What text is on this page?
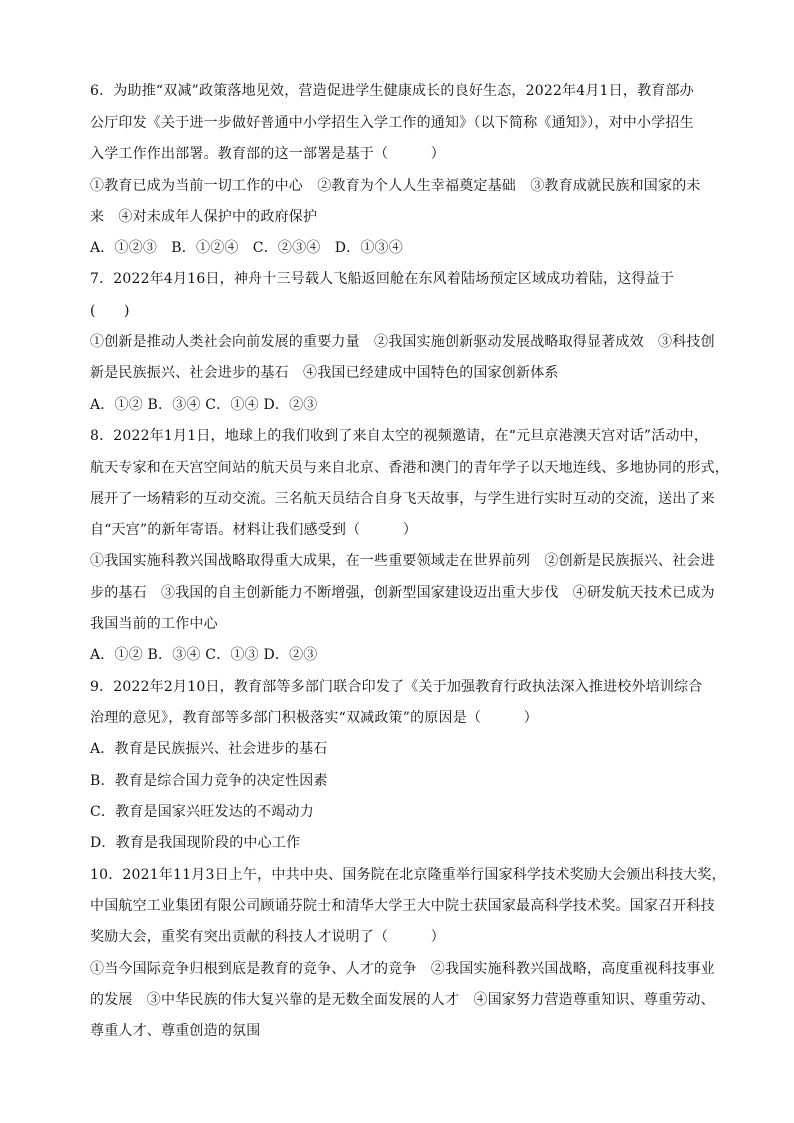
6．为助推“双减”政策落地见效，营造促进学生健康成长的良好生态，2022年4月1日，教育部办
公厅印发《关于进一步做好普通中小学招生入学工作的通知》（以下简称《通知》），对中小学招生
入学工作作出部署。教育部的这一部署是基于（　　　）
①教育已成为当前一切工作的中心　②教育为个人人生幸福奠定基础　③教育成就民族和国家的未
来　④对未成年人保护中的政府保护
A．①②③　B．①②④　C．②③④　D．①③④
7．2022年4月16日，神舟十三号载人飞船返回舱在东风着陆场预定区域成功着陆，这得益于
(　　)
①创新是推动人类社会向前发展的重要力量　②我国实施创新驱动发展战略取得显著成效　③科技创
新是民族振兴、社会进步的基石　④我国已经建成中国特色的国家创新体系
A．①② B．③④ C．①④ D．②③
8．2022年1月1日，地球上的我们收到了来自太空的视频邀请，在“元旦京港澳天宫对话”活动中，
航天专家和在天宫空间站的航天员与来自北京、香港和澳门的青年学子以天地连线、多地协同的形式，
展开了一场精彩的互动交流。三名航天员结合自身飞天故事，与学生进行实时互动的交流，送出了来
自“天宫”的新年寄语。材料让我们感受到（　　　）
①我国实施科教兴国战略取得重大成果，在一些重要领域走在世界前列　②创新是民族振兴、社会进
步的基石　③我国的自主创新能力不断增强，创新型国家建设迈出重大步伐　④研发航天技术已成为
我国当前的工作中心
A．①② B．③④ C．①③ D．②③
9．2022年2月10日，教育部等多部门联合印发了《关于加强教育行政执法深入推进校外培训综合
治理的意见》，教育部等多部门积极落实“双减政策”的原因是（　　　）
A．教育是民族振兴、社会进步的基石
B．教育是综合国力竞争的决定性因素
C．教育是国家兴旺发达的不竭动力
D．教育是我国现阶段的中心工作
10．2021年11月3日上午，中共中央、国务院在北京隆重举行国家科学技术奖励大会颁出科技大奖，
中国航空工业集团有限公司顾诵芬院士和清华大学王大中院士获国家最高科学技术奖。国家召开科技
奖励大会，重奖有突出贡献的科技人才说明了（　　　）
①当今国际竞争归根到底是教育的竞争、人才的竞争　②我国实施科教兴国战略，高度重视科技事业
的发展　③中华民族的伟大复兴靠的是无数全面发展的人才　④国家努力营造尊重知识、尊重劳动、
尊重人才、尊重创造的氛围
